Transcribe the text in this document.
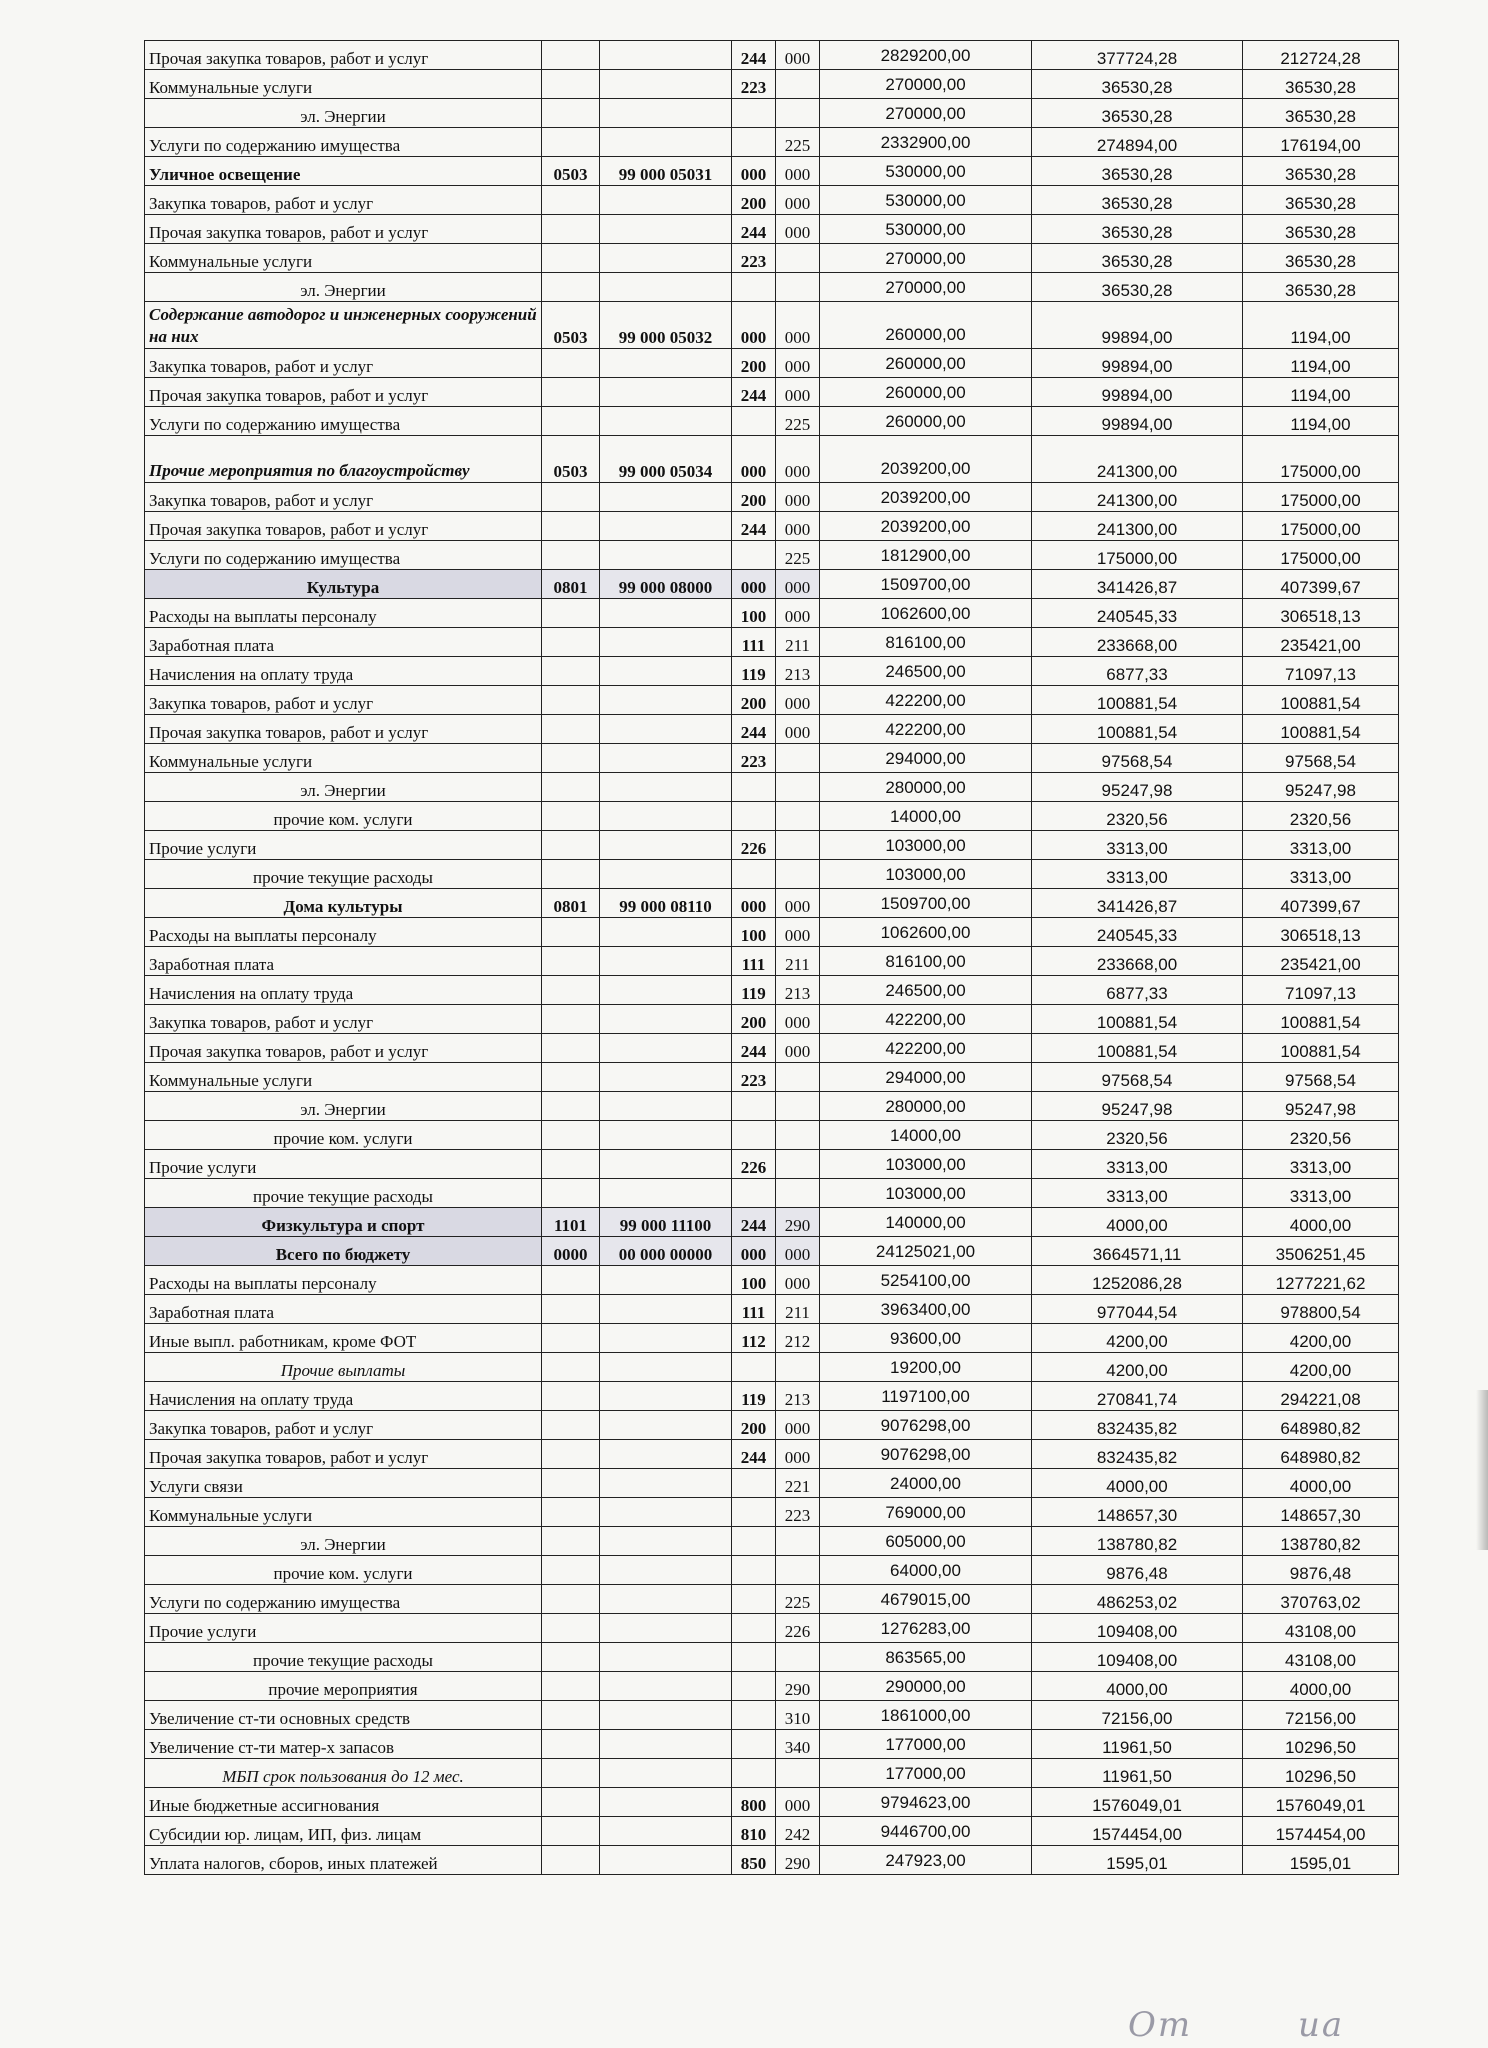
Прочая закупка товаров, работ и услуг			244	000	2829200,00	377724,28	212724,28
Коммунальные услуги			223		270000,00	36530,28	36530,28
эл. Энергии					270000,00	36530,28	36530,28
Услуги по содержанию имущества				225	2332900,00	274894,00	176194,00
Уличное освещение	0503	99 000 05031	000	000	530000,00	36530,28	36530,28
Закупка товаров, работ и услуг			200	000	530000,00	36530,28	36530,28
Прочая закупка товаров, работ и услуг			244	000	530000,00	36530,28	36530,28
Коммунальные услуги			223		270000,00	36530,28	36530,28
эл. Энергии					270000,00	36530,28	36530,28
Содержание автодорог и инженерных сооружений на них	0503	99 000 05032	000	000	260000,00	99894,00	1194,00
Закупка товаров, работ и услуг			200	000	260000,00	99894,00	1194,00
Прочая закупка товаров, работ и услуг			244	000	260000,00	99894,00	1194,00
Услуги по содержанию имущества				225	260000,00	99894,00	1194,00
Прочие мероприятия по благоустройству	0503	99 000 05034	000	000	2039200,00	241300,00	175000,00
Закупка товаров, работ и услуг			200	000	2039200,00	241300,00	175000,00
Прочая закупка товаров, работ и услуг			244	000	2039200,00	241300,00	175000,00
Услуги по содержанию имущества				225	1812900,00	175000,00	175000,00
Культура	0801	99 000 08000	000	000	1509700,00	341426,87	407399,67
Расходы на выплаты персоналу			100	000	1062600,00	240545,33	306518,13
Заработная плата			111	211	816100,00	233668,00	235421,00
Начисления на оплату труда			119	213	246500,00	6877,33	71097,13
Закупка товаров, работ и услуг			200	000	422200,00	100881,54	100881,54
Прочая закупка товаров, работ и услуг			244	000	422200,00	100881,54	100881,54
Коммунальные услуги			223		294000,00	97568,54	97568,54
эл. Энергии					280000,00	95247,98	95247,98
прочие ком. услуги					14000,00	2320,56	2320,56
Прочие услуги			226		103000,00	3313,00	3313,00
прочие текущие расходы					103000,00	3313,00	3313,00
Дома культуры	0801	99 000 08110	000	000	1509700,00	341426,87	407399,67
Расходы на выплаты персоналу			100	000	1062600,00	240545,33	306518,13
Заработная плата			111	211	816100,00	233668,00	235421,00
Начисления на оплату труда			119	213	246500,00	6877,33	71097,13
Закупка товаров, работ и услуг			200	000	422200,00	100881,54	100881,54
Прочая закупка товаров, работ и услуг			244	000	422200,00	100881,54	100881,54
Коммунальные услуги			223		294000,00	97568,54	97568,54
эл. Энергии					280000,00	95247,98	95247,98
прочие ком. услуги					14000,00	2320,56	2320,56
Прочие услуги			226		103000,00	3313,00	3313,00
прочие текущие расходы					103000,00	3313,00	3313,00
Физкультура и спорт	1101	99 000 11100	244	290	140000,00	4000,00	4000,00
Всего по бюджету	0000	00 000 00000	000	000	24125021,00	3664571,11	3506251,45
Расходы на выплаты персоналу			100	000	5254100,00	1252086,28	1277221,62
Заработная плата			111	211	3963400,00	977044,54	978800,54
Иные выпл. работникам, кроме ФОТ			112	212	93600,00	4200,00	4200,00
Прочие выплаты					19200,00	4200,00	4200,00
Начисления на оплату труда			119	213	1197100,00	270841,74	294221,08
Закупка товаров, работ и услуг			200	000	9076298,00	832435,82	648980,82
Прочая закупка товаров, работ и услуг			244	000	9076298,00	832435,82	648980,82
Услуги связи				221	24000,00	4000,00	4000,00
Коммунальные услуги				223	769000,00	148657,30	148657,30
эл. Энергии					605000,00	138780,82	138780,82
прочие ком. услуги					64000,00	9876,48	9876,48
Услуги по содержанию имущества				225	4679015,00	486253,02	370763,02
Прочие услуги				226	1276283,00	109408,00	43108,00
прочие текущие расходы					863565,00	109408,00	43108,00
прочие мероприятия				290	290000,00	4000,00	4000,00
Увеличение ст-ти основных средств				310	1861000,00	72156,00	72156,00
Увеличение ст-ти матер-х запасов				340	177000,00	11961,50	10296,50
МБП срок пользования до 12 мес.					177000,00	11961,50	10296,50
Иные бюджетные ассигнования			800	000	9794623,00	1576049,01	1576049,01
Субсидии юр. лицам, ИП, физ. лицам			810	242	9446700,00	1574454,00	1574454,00
Уплата налогов, сборов, иных платежей			850	290	247923,00	1595,01	1595,01
Om	ua
